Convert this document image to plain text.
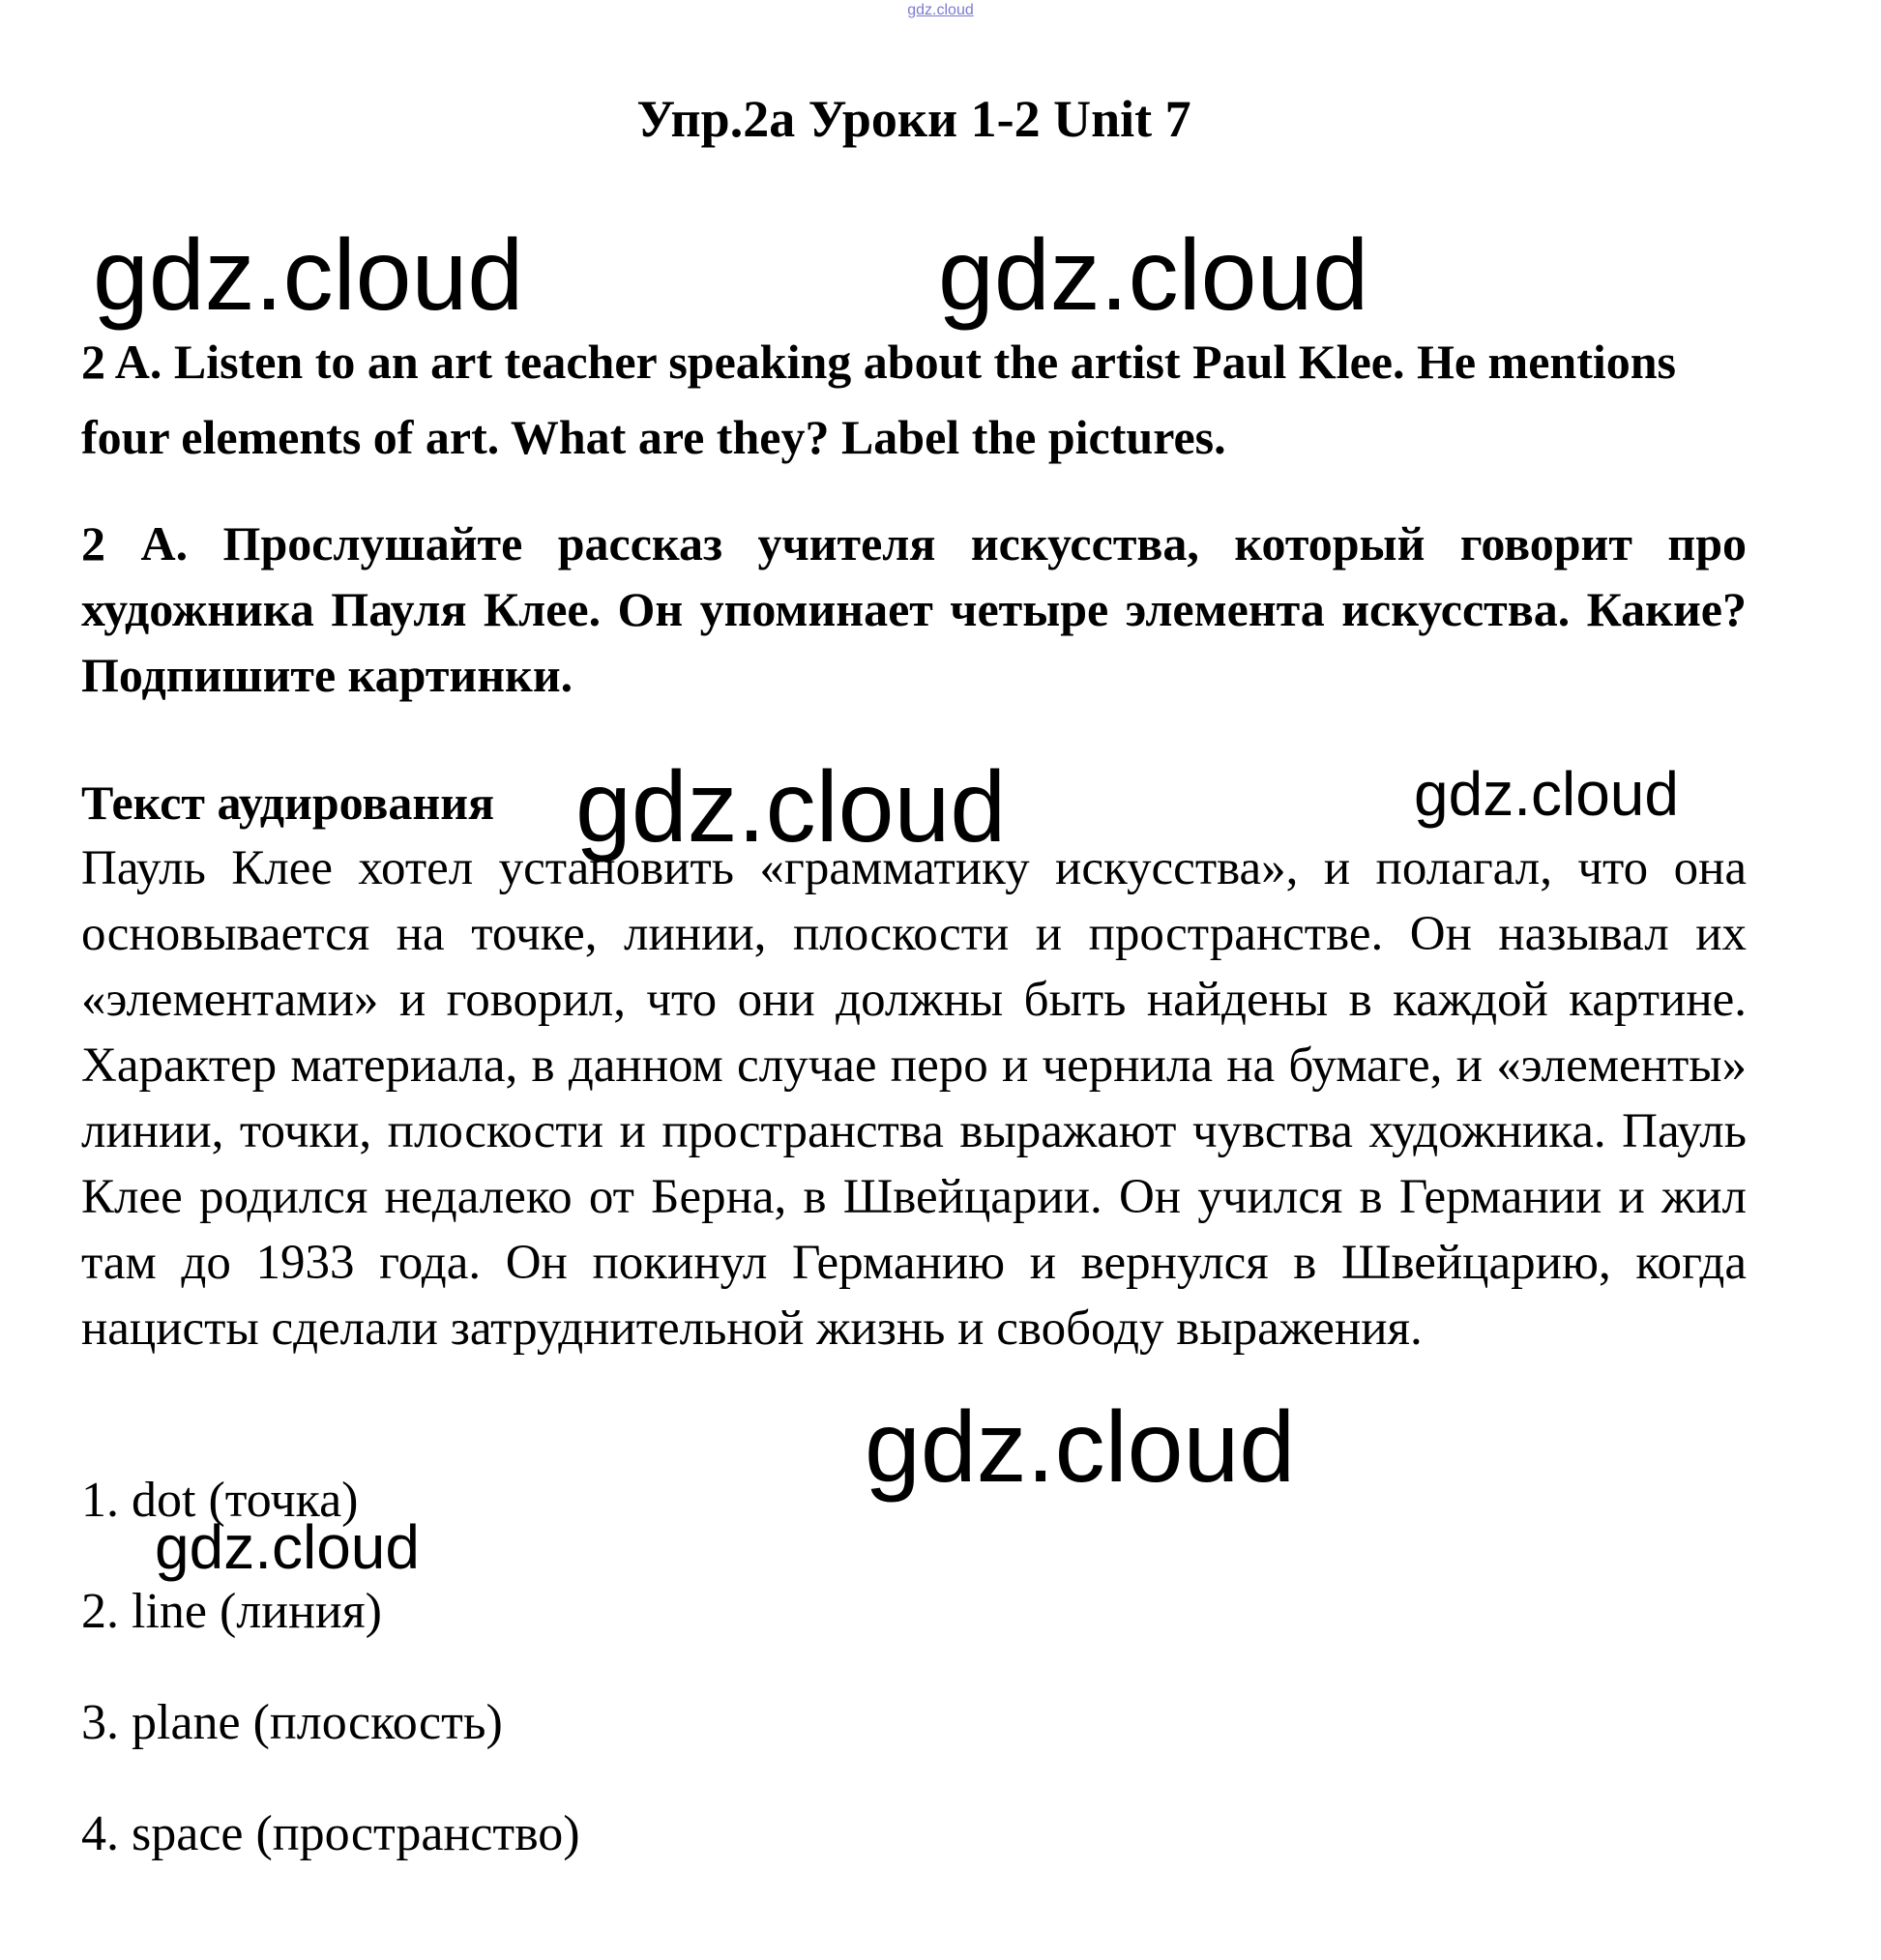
gdz.cloud
Упр.2а Уроки 1-2 Unit 7
gdz.cloud	gdz.cloud
2 A. Listen to an art teacher speaking about the artist Paul Klee. He mentions four elements of art. What are they? Label the pictures.
2 А. Прослушайте рассказ учителя искусства, который говорит про художника Пауля Клее. Он упоминает четыре элемента искусства. Какие? Подпишите картинки.
Текст аудирования gdz.cloud	gdz.cloud
Пауль Клее хотел установить «грамматику искусства», и полагал, что она основывается на точке, линии, плоскости и пространстве. Он называл их «элементами» и говорил, что они должны быть найдены в каждой картине. Характер материала, в данном случае перо и чернила на бумаге, и «элементы» линии, точки, плоскости и пространства выражают чувства художника. Пауль Клее родился недалеко от Берна, в Швейцарии. Он учился в Германии и жил там до 1933 года. Он покинул Германию и вернулся в Швейцарию, когда нацисты сделали затруднительной жизнь и свободу выражения.
gdz.cloud
gdz.cloud
1. dot (точка)
2. line (линия)
3. plane (плоскость)
4. space (пространство)
